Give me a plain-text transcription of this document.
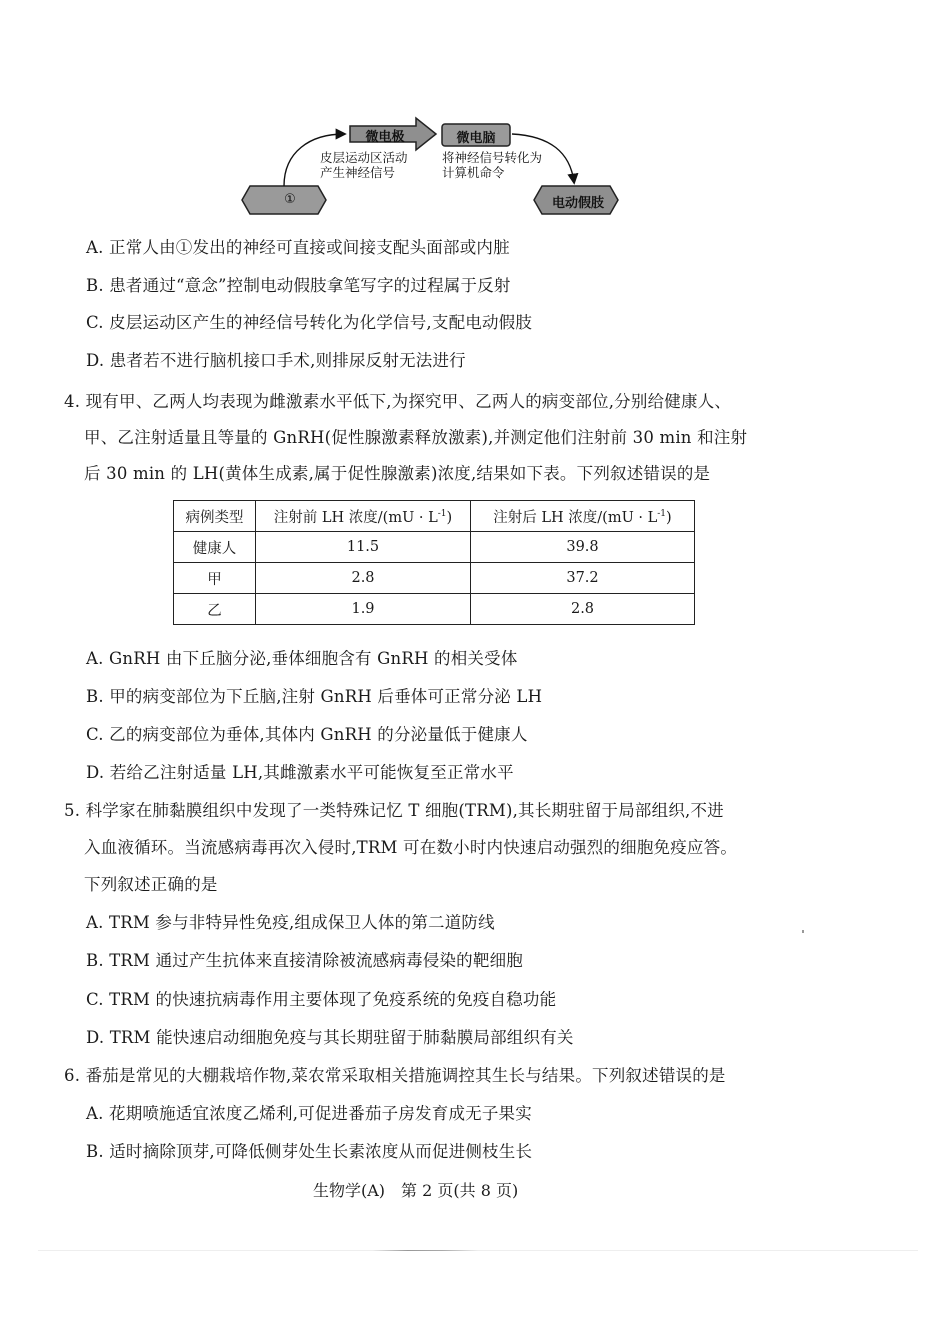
①
微电极	微电脑
电动假肢
皮层运动区活动
产生神经信号
将神经信号转化为
计算机命令
A. 正常人由①发出的神经可直接或间接支配头面部或内脏
B. 患者通过“意念”控制电动假肢拿笔写字的过程属于反射
C. 皮层运动区产生的神经信号转化为化学信号,支配电动假肢
D. 患者若不进行脑机接口手术,则排尿反射无法进行
4. 现有甲、乙两人均表现为雌激素水平低下,为探究甲、乙两人的病变部位,分别给健康人、
甲、乙注射适量且等量的 GnRH(促性腺激素释放激素),并测定他们注射前 30 min 和注射
后 30 min 的 LH(黄体生成素,属于促性腺激素)浓度,结果如下表。下列叙述错误的是
病例类型	注射前 LH 浓度$/(mU \cdot L^{-1})$	注射后 LH 浓度$/(mU \cdot L^{-1})$
健康人	11.5	39.8
甲	2.8	37.2
乙	1.9	2.8
A. GnRH 由下丘脑分泌,垂体细胞含有 GnRH 的相关受体
B. 甲的病变部位为下丘脑,注射 GnRH 后垂体可正常分泌 LH
C. 乙的病变部位为垂体,其体内 GnRH 的分泌量低于健康人
D. 若给乙注射适量 LH,其雌激素水平可能恢复至正常水平
5. 科学家在肺黏膜组织中发现了一类特殊记忆 T 细胞(TRM),其长期驻留于局部组织,不进
入血液循环。当流感病毒再次入侵时,TRM 可在数小时内快速启动强烈的细胞免疫应答。
下列叙述正确的是
A. TRM 参与非特异性免疫,组成保卫人体的第二道防线
B. TRM 通过产生抗体来直接清除被流感病毒侵染的靶细胞
C. TRM 的快速抗病毒作用主要体现了免疫系统的免疫自稳功能
D. TRM 能快速启动细胞免疫与其长期驻留于肺黏膜局部组织有关
6. 番茄是常见的大棚栽培作物,菜农常采取相关措施调控其生长与结果。下列叙述错误的是
A. 花期喷施适宜浓度乙烯利,可促进番茄子房发育成无子果实
B. 适时摘除顶芽,可降低侧芽处生长素浓度从而促进侧枝生长
生物学(A)　第 2 页(共 8 页)
